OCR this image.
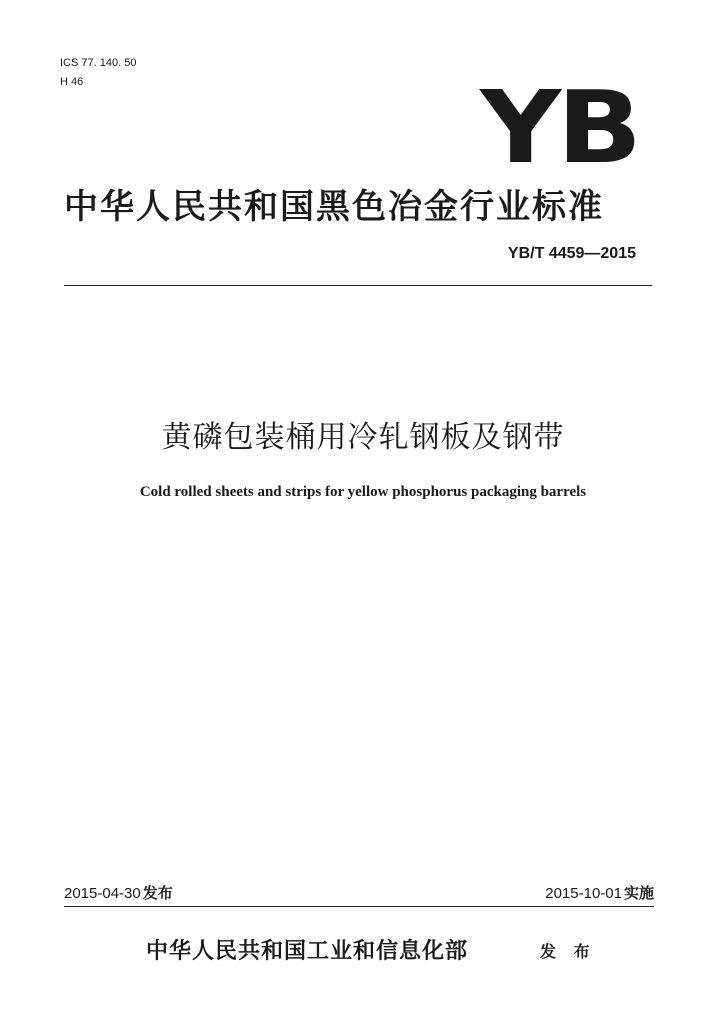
ICS 77. 140. 50
H 46	YB
中华人民共和国黑色冶金行业标准
YB/T 4459—2015
黄磷包装桶用冷轧钢板及钢带
Cold rolled sheets and strips for yellow phosphorus packaging barrels
2015-04-30 发布	2015-10-01 实施
中华人民共和国工业和信息化部	发 布
